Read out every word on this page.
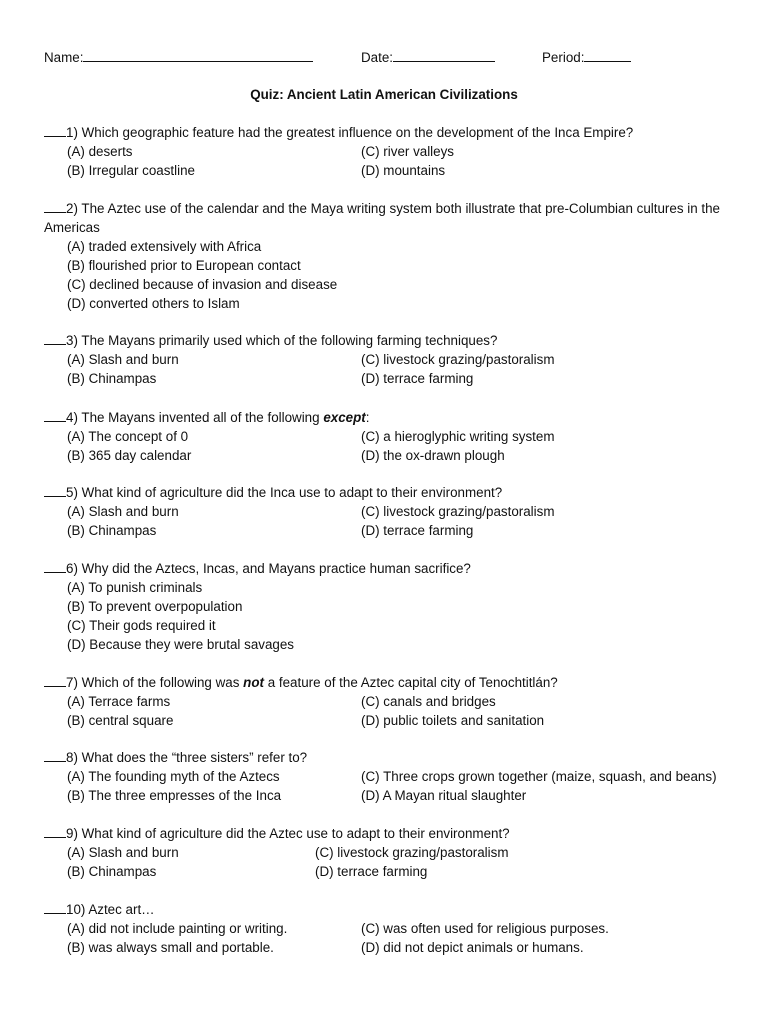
Name:	Date:	Period:
Quiz: Ancient Latin American Civilizations
1) Which geographic feature had the greatest influence on the development of the Inca Empire?
(A) deserts	(C) river valleys
(B) Irregular coastline	(D) mountains
2) The Aztec use of the calendar and the Maya writing system both illustrate that pre-Columbian cultures in the Americas
(A) traded extensively with Africa
(B) flourished prior to European contact
(C) declined because of invasion and disease
(D) converted others to Islam
3) The Mayans primarily used which of the following farming techniques?
(A) Slash and burn	(C) livestock grazing/pastoralism
(B) Chinampas	(D) terrace farming
4) The Mayans invented all of the following except:
(A) The concept of 0	(C) a hieroglyphic writing system
(B) 365 day calendar	(D) the ox-drawn plough
5) What kind of agriculture did the Inca use to adapt to their environment?
(A) Slash and burn	(C) livestock grazing/pastoralism
(B) Chinampas	(D) terrace farming
6) Why did the Aztecs, Incas, and Mayans practice human sacrifice?
(A) To punish criminals
(B) To prevent overpopulation
(C) Their gods required it
(D) Because they were brutal savages
7) Which of the following was not a feature of the Aztec capital city of Tenochtitlán?
(A) Terrace farms	(C) canals and bridges
(B) central square	(D) public toilets and sanitation
8) What does the “three sisters” refer to?
(A) The founding myth of the Aztecs	(C) Three crops grown together (maize, squash, and beans)
(B) The three empresses of the Inca	(D) A Mayan ritual slaughter
9) What kind of agriculture did the Aztec use to adapt to their environment?
(A) Slash and burn	(C) livestock grazing/pastoralism
(B) Chinampas	(D) terrace farming
10) Aztec art…
(A) did not include painting or writing.	(C) was often used for religious purposes.
(B) was always small and portable.	(D) did not depict animals or humans.
